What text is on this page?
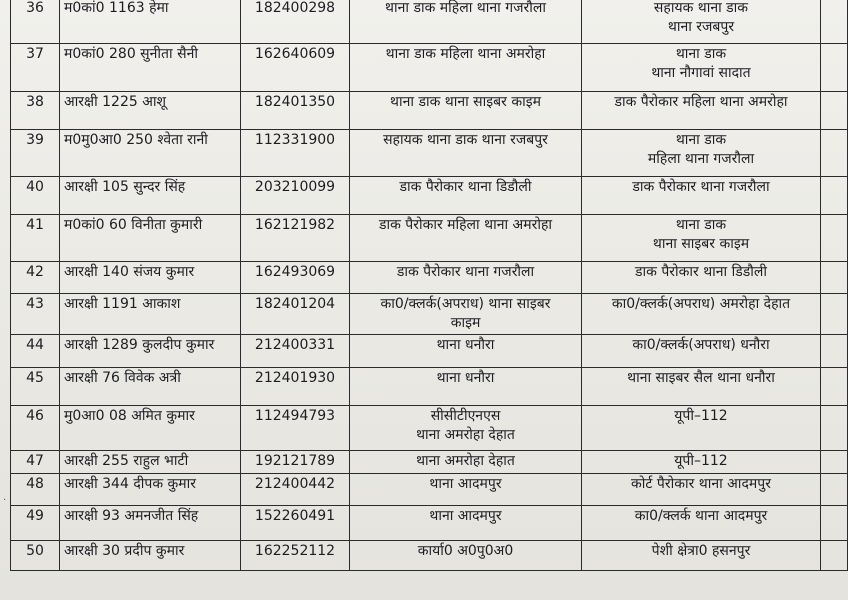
36	म0कां0 1163 हेमा	182400298	थाना डाक महिला थाना गजरौला	सहायक थाना डाक
थाना रजबपुर	

37	म0कां0 280 सुनीता सैनी	162640609	थाना डाक महिला थाना अमरोहा	थाना डाक
थाना नौगावां सादात	

38	आरक्षी 1225 आशू	182401350	थाना डाक थाना साइबर काइम	डाक पैरोकार महिला थाना अमरोहा	

39	म0मु0आ0 250 श्वेता रानी	112331900	सहायक थाना डाक थाना रजबपुर	थाना डाक
महिला थाना गजरौला	

40	आरक्षी 105 सुन्दर सिंह	203210099	डाक पैरोकार थाना डिडौली	डाक पैरोकार थाना गजरौला	

41	म0कां0 60 विनीता कुमारी	162121982	डाक पैरोकार महिला थाना अमरोहा	थाना डाक
थाना साइबर काइम	

42	आरक्षी 140 संजय कुमार	162493069	डाक पैरोकार थाना गजरौला	डाक पैरोकार थाना डिडौली	

43	आरक्षी 1191 आकाश	182401204	का0/क्लर्क(अपराध) थाना साइबर
काइम	का0/क्लर्क(अपराध) अमरोहा देहात	

44	आरक्षी 1289 कुलदीप कुमार	212400331	थाना धनौरा	का0/क्लर्क(अपराध) धनौरा	

45	आरक्षी 76 विवेक अत्री	212401930	थाना धनौरा	थाना साइबर सैल थाना धनौरा	

46	मु0आ0 08 अमित कुमार	112494793	सीसीटीएनएस
थाना अमरोहा देहात	यूपी–112	

47	आरक्षी 255 राहुल भाटी	192121789	थाना अमरोहा देहात	यूपी–112	

48	आरक्षी 344 दीपक कुमार	212400442	थाना आदमपुर	कोर्ट पैरोकार थाना आदमपुर	

49	आरक्षी 93 अमनजीत सिंह	152260491	थाना आदमपुर	का0/क्लर्क थाना आदमपुर	

50	आरक्षी 30 प्रदीप कुमार	162252112	कार्या0 अ0पु0अ0	पेशी क्षेत्रा0 हसनपुर	

·
